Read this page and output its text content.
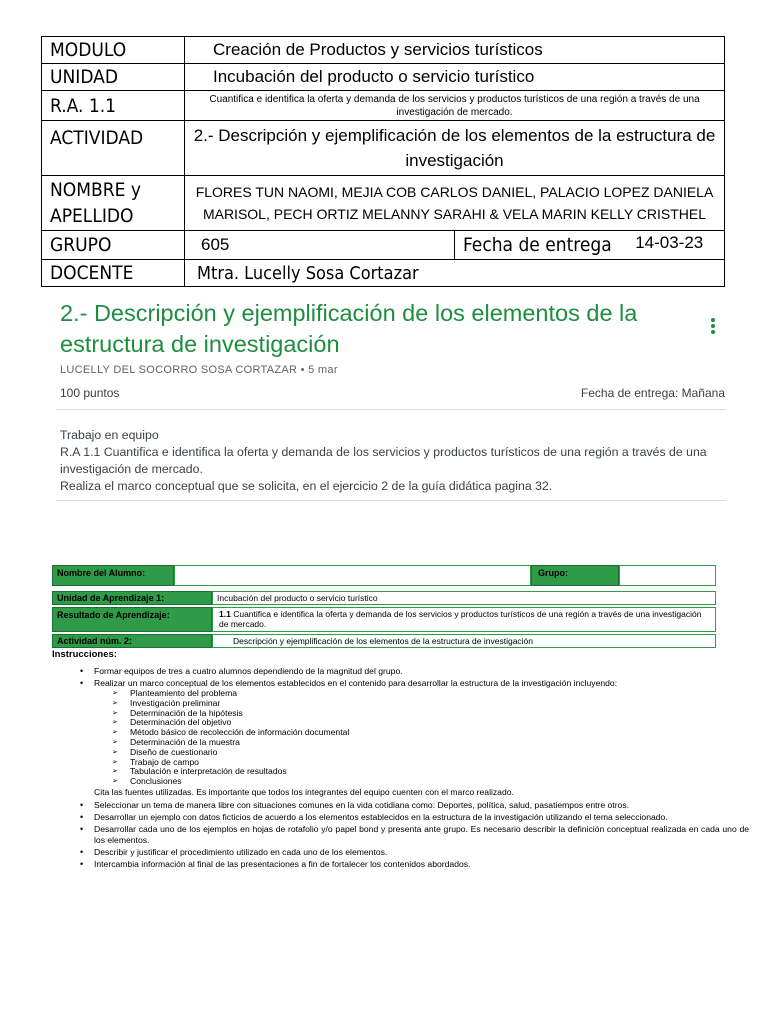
MODULO	Creación de Productos y servicios turísticos	
UNIDAD	Incubación del producto o servicio turístico	
R.A. 1.1	Cuantifica e identifica la oferta y demanda de los servicios y productos turísticos de una región a través de una investigación de mercado.	
ACTIVIDAD	2.- Descripción y ejemplificación de los elementos de la estructura de investigación	
NOMBRE y APELLIDO	FLORES TUN NAOMI, MEJIA COB CARLOS DANIEL, PALACIO LOPEZ DANIELA MARISOL, PECH ORTIZ MELANNY SARAHI & VELA MARIN KELLY CRISTHEL	
GRUPO	605	Fecha de entrega 14-03-23
DOCENTE	Mtra. Lucelly Sosa Cortazar	
2.- Descripción y ejemplificación de los elementos de la estructura de investigación
LUCELLY DEL SOCORRO SOSA CORTAZAR • 5 mar
100 puntos	Fecha de entrega: Mañana

Trabajo en equipo

R.A 1.1 Cuantifica e identifica la oferta y demanda de los servicios y productos turísticos de una región a través de una investigación de mercado.

Realiza el marco conceptual que se solicita, en el ejercicio 2 de la guía didática pagina 32.

Nombre del Alumno:	Grupo:
Unidad de Aprendizaje 1:	Incubación del producto o servicio turístico
Resultado de Aprendizaje:	1.1 Cuantifica e identifica la oferta y demanda de los servicios y productos turísticos de una región a través de una investigación de mercado.
Actividad núm. 2:	Descripción y ejemplificación de los elementos de la estructura de investigación
Instrucciones:
• Formar equipos de tres a cuatro alumnos dependiendo de la magnitud del grupo.
• Realizar un marco conceptual de los elementos establecidos en el contenido para desarrollar la estructura de la investigación incluyendo:
➢ Planteamiento del problema
➢ Investigación preliminar
➢ Determinación de la hipótesis
➢ Determinación del objetivo
➢ Método básico de recolección de información documental
➢ Determinación de la muestra
➢ Diseño de cuestionario
➢ Trabajo de campo
➢ Tabulación e interpretación de resultados
➢ Conclusiones
Cita las fuentes utilizadas. Es importante que todos los integrantes del equipo cuenten con el marco realizado.
• Seleccionar un tema de manera libre con situaciones comunes en la vida cotidiana como: Deportes, política, salud, pasatiempos entre otros.
• Desarrollar un ejemplo con datos ficticios de acuerdo a los elementos establecidos en la estructura de la investigación utilizando el tema seleccionado.
• Desarrollar cada uno de los ejemplos en hojas de rotafolio y/o papel bond y presenta ante grupo. Es necesario describir la definición conceptual realizada en cada uno de los elementos.
• Describir y justificar el procedimiento utilizado en cada uno de los elementos.
• Intercambia información al final de las presentaciones a fin de fortalecer los contenidos abordados.
